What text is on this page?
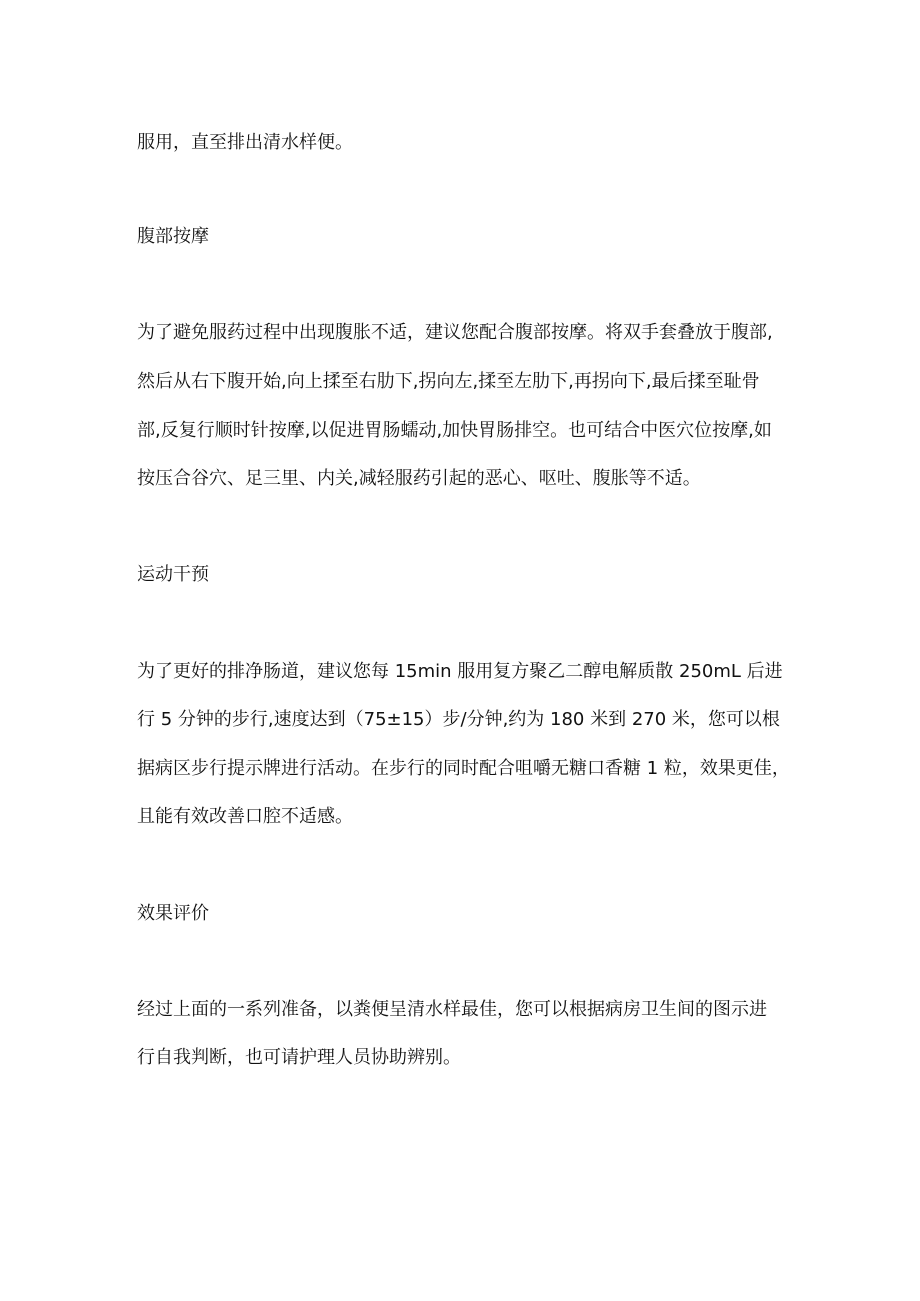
服用，直至排出清水样便。
腹部按摩
为了避免服药过程中出现腹胀不适，建议您配合腹部按摩。将双手套叠放于腹部,
然后从右下腹开始,向上揉至右肋下,拐向左,揉至左肋下,再拐向下,最后揉至耻骨
部,反复行顺时针按摩,以促进胃肠蠕动,加快胃肠排空。也可结合中医穴位按摩,如
按压合谷穴、足三里、内关,减轻服药引起的恶心、呕吐、腹胀等不适。
运动干预
为了更好的排净肠道，建议您每 15min 服用复方聚乙二醇电解质散 250mL 后进
行 5 分钟的步行,速度达到（75±15）步/分钟,约为 180 米到 270 米，您可以根
据病区步行提示牌进行活动。在步行的同时配合咀嚼无糖口香糖 1 粒，效果更佳，
且能有效改善口腔不适感。
效果评价
经过上面的一系列准备，以粪便呈清水样最佳，您可以根据病房卫生间的图示进
行自我判断，也可请护理人员协助辨别。
